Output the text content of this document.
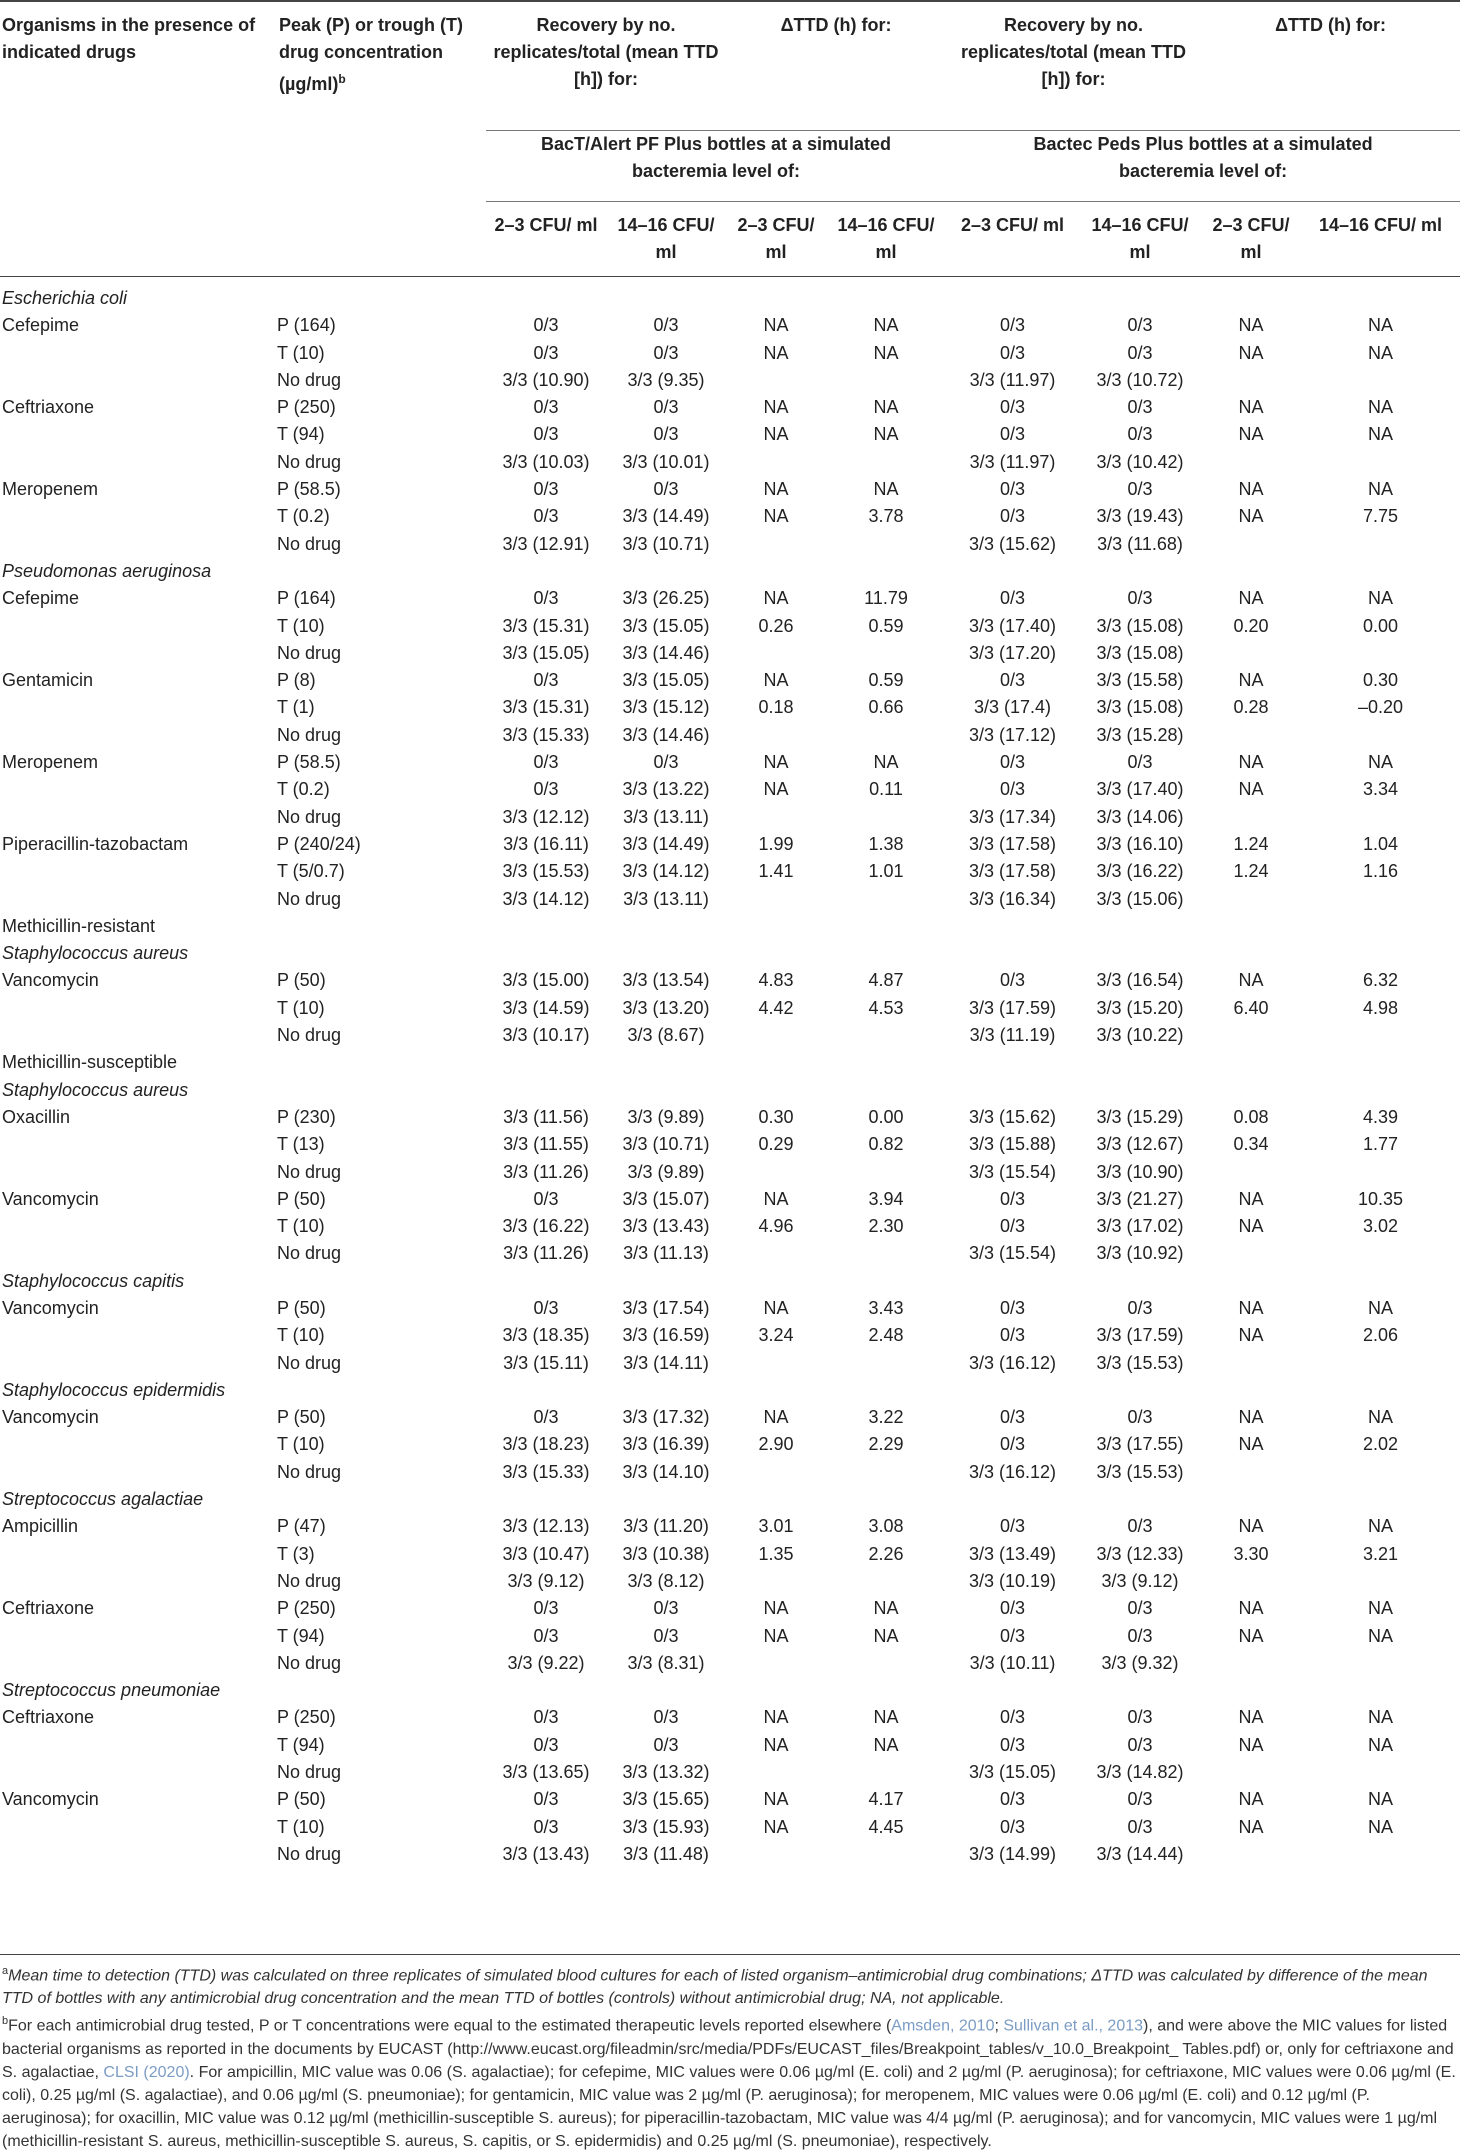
Organisms in the presence of indicated drugs	Peak (P) or trough (T) drug concentration $(\mu g/ml)^b$	Recovery by no. replicates/total (mean TTD [h]) for:		ΔTTD (h) for:		Recovery by no. replicates/total (mean TTD [h]) for:		ΔTTD (h) for:	
		BacT/Alert PF Plus bottles at a simulated bacteremia level of:				Bactec Peds Plus bottles at a simulated bacteremia level of:			
		2–3 CFU/ ml	14–16 CFU/ ml	2–3 CFU/ ml	14–16 CFU/ ml	2–3 CFU/ ml	14–16 CFU/ ml	2–3 CFU/ ml	14–16 CFU/ ml

Escherichia coli									
Cefepime	P (164)	0/3	0/3	NA	NA	0/3	0/3	NA	NA
	T (10)	0/3	0/3	NA	NA	0/3	0/3	NA	NA
	No drug	3/3 (10.90)	3/3 (9.35)			3/3 (11.97)	3/3 (10.72)		
Ceftriaxone	P (250)	0/3	0/3	NA	NA	0/3	0/3	NA	NA
	T (94)	0/3	0/3	NA	NA	0/3	0/3	NA	NA
	No drug	3/3 (10.03)	3/3 (10.01)			3/3 (11.97)	3/3 (10.42)		
Meropenem	P (58.5)	0/3	0/3	NA	NA	0/3	0/3	NA	NA
	T (0.2)	0/3	3/3 (14.49)	NA	3.78	0/3	3/3 (19.43)	NA	7.75
	No drug	3/3 (12.91)	3/3 (10.71)			3/3 (15.62)	3/3 (11.68)		
Pseudomonas aeruginosa									
Cefepime	P (164)	0/3	3/3 (26.25)	NA	11.79	0/3	0/3	NA	NA
	T (10)	3/3 (15.31)	3/3 (15.05)	0.26	0.59	3/3 (17.40)	3/3 (15.08)	0.20	0.00
	No drug	3/3 (15.05)	3/3 (14.46)			3/3 (17.20)	3/3 (15.08)		
Gentamicin	P (8)	0/3	3/3 (15.05)	NA	0.59	0/3	3/3 (15.58)	NA	0.30
	T (1)	3/3 (15.31)	3/3 (15.12)	0.18	0.66	3/3 (17.4)	3/3 (15.08)	0.28	–0.20
	No drug	3/3 (15.33)	3/3 (14.46)			3/3 (17.12)	3/3 (15.28)		
Meropenem	P (58.5)	0/3	0/3	NA	NA	0/3	0/3	NA	NA
	T (0.2)	0/3	3/3 (13.22)	NA	0.11	0/3	3/3 (17.40)	NA	3.34
	No drug	3/3 (12.12)	3/3 (13.11)			3/3 (17.34)	3/3 (14.06)		
Piperacillin-tazobactam	P (240/24)	3/3 (16.11)	3/3 (14.49)	1.99	1.38	3/3 (17.58)	3/3 (16.10)	1.24	1.04
	T (5/0.7)	3/3 (15.53)	3/3 (14.12)	1.41	1.01	3/3 (17.58)	3/3 (16.22)	1.24	1.16
	No drug	3/3 (14.12)	3/3 (13.11)			3/3 (16.34)	3/3 (15.06)		
Methicillin-resistant									
Staphylococcus aureus									
Vancomycin	P (50)	3/3 (15.00)	3/3 (13.54)	4.83	4.87	0/3	3/3 (16.54)	NA	6.32
	T (10)	3/3 (14.59)	3/3 (13.20)	4.42	4.53	3/3 (17.59)	3/3 (15.20)	6.40	4.98
	No drug	3/3 (10.17)	3/3 (8.67)			3/3 (11.19)	3/3 (10.22)		
Methicillin-susceptible									
Staphylococcus aureus									
Oxacillin	P (230)	3/3 (11.56)	3/3 (9.89)	0.30	0.00	3/3 (15.62)	3/3 (15.29)	0.08	4.39
	T (13)	3/3 (11.55)	3/3 (10.71)	0.29	0.82	3/3 (15.88)	3/3 (12.67)	0.34	1.77
	No drug	3/3 (11.26)	3/3 (9.89)			3/3 (15.54)	3/3 (10.90)		
Vancomycin	P (50)	0/3	3/3 (15.07)	NA	3.94	0/3	3/3 (21.27)	NA	10.35
	T (10)	3/3 (16.22)	3/3 (13.43)	4.96	2.30	0/3	3/3 (17.02)	NA	3.02
	No drug	3/3 (11.26)	3/3 (11.13)			3/3 (15.54)	3/3 (10.92)		
Staphylococcus capitis									
Vancomycin	P (50)	0/3	3/3 (17.54)	NA	3.43	0/3	0/3	NA	NA
	T (10)	3/3 (18.35)	3/3 (16.59)	3.24	2.48	0/3	3/3 (17.59)	NA	2.06
	No drug	3/3 (15.11)	3/3 (14.11)			3/3 (16.12)	3/3 (15.53)		
Staphylococcus epidermidis									
Vancomycin	P (50)	0/3	3/3 (17.32)	NA	3.22	0/3	0/3	NA	NA
	T (10)	3/3 (18.23)	3/3 (16.39)	2.90	2.29	0/3	3/3 (17.55)	NA	2.02
	No drug	3/3 (15.33)	3/3 (14.10)			3/3 (16.12)	3/3 (15.53)		
Streptococcus agalactiae									
Ampicillin	P (47)	3/3 (12.13)	3/3 (11.20)	3.01	3.08	0/3	0/3	NA	NA
	T (3)	3/3 (10.47)	3/3 (10.38)	1.35	2.26	3/3 (13.49)	3/3 (12.33)	3.30	3.21
	No drug	3/3 (9.12)	3/3 (8.12)			3/3 (10.19)	3/3 (9.12)		
Ceftriaxone	P (250)	0/3	0/3	NA	NA	0/3	0/3	NA	NA
	T (94)	0/3	0/3	NA	NA	0/3	0/3	NA	NA
	No drug	3/3 (9.22)	3/3 (8.31)			3/3 (10.11)	3/3 (9.32)		
Streptococcus pneumoniae									
Ceftriaxone	P (250)	0/3	0/3	NA	NA	0/3	0/3	NA	NA
	T (94)	0/3	0/3	NA	NA	0/3	0/3	NA	NA
	No drug	3/3 (13.65)	3/3 (13.32)			3/3 (15.05)	3/3 (14.82)		
Vancomycin	P (50)	0/3	3/3 (15.65)	NA	4.17	0/3	0/3	NA	NA
	T (10)	0/3	3/3 (15.93)	NA	4.45	0/3	0/3	NA	NA
	No drug	3/3 (13.43)	3/3 (11.48)			3/3 (14.99)	3/3 (14.44)		

$^a$Mean time to detection (TTD) was calculated on three replicates of simulated blood cultures for each of listed organism–antimicrobial drug combinations; ΔTTD was calculated by difference of the mean TTD of bottles with any antimicrobial drug concentration and the mean TTD of bottles (controls) without antimicrobial drug; NA, not applicable.

$^b$For each antimicrobial drug tested, P or T concentrations were equal to the estimated therapeutic levels reported elsewhere (Amsden, 2010; Sullivan et al., 2013), and were above the MIC values for listed bacterial organisms as reported in the documents by EUCAST (http://www.eucast.org/fileadmin/src/media/PDFs/EUCAST_files/Breakpoint_tables/v_10.0_Breakpoint_ Tables.pdf) or, only for ceftriaxone and S. agalactiae, CLSI (2020). For ampicillin, MIC value was 0.06 (S. agalactiae); for cefepime, MIC values were 0.06 µg/ml (E. coli) and 2 µg/ml (P. aeruginosa); for ceftriaxone, MIC values were 0.06 µg/ml (E. coli), 0.25 µg/ml (S. agalactiae), and 0.06 µg/ml (S. pneumoniae); for gentamicin, MIC value was 2 µg/ml (P. aeruginosa); for meropenem, MIC values were 0.06 µg/ml (E. coli) and 0.12 µg/ml (P. aeruginosa); for oxacillin, MIC value was 0.12 µg/ml (methicillin-susceptible S. aureus); for piperacillin-tazobactam, MIC value was 4/4 µg/ml (P. aeruginosa); and for vancomycin, MIC values were 1 µg/ml (methicillin-resistant S. aureus, methicillin-susceptible S. aureus, S. capitis, or S. epidermidis) and 0.25 µg/ml (S. pneumoniae), respectively.
